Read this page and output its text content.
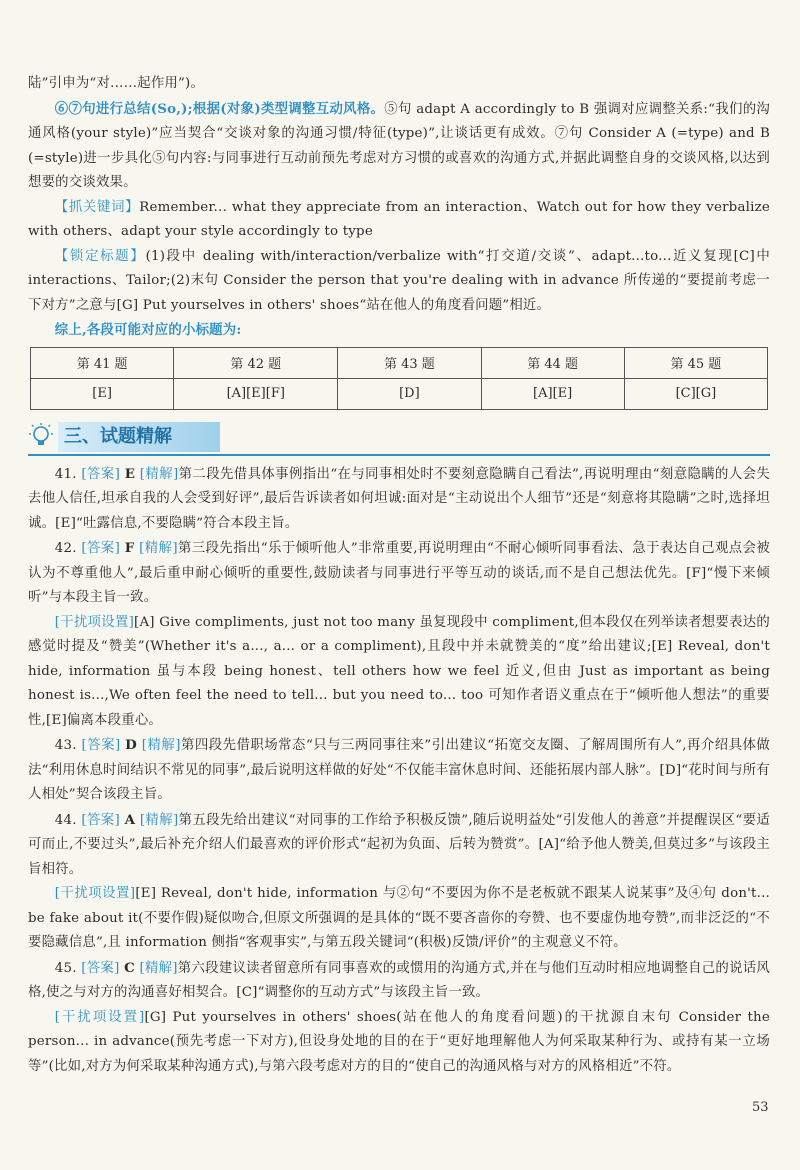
陆”引申为“对……起作用”)。

⑥⑦句进行总结(So,);根据(对象)类型调整互动风格。⑤句 adapt A accordingly to B 强调对应调整关系:“我们的沟通风格(your style)”应当契合“交谈对象的沟通习惯/特征(type)”,让谈话更有成效。⑦句 Consider A (=type) and B (=style)进一步具化⑤句内容:与同事进行互动前预先考虑对方习惯的或喜欢的沟通方式,并据此调整自身的交谈风格,以达到想要的交谈效果。

【抓关键词】Remember... what they appreciate from an interaction、Watch out for how they verbalize with others、adapt your style accordingly to type

【锁定标题】(1)段中 dealing with/interaction/verbalize with“打交道/交谈”、adapt...to...近义复现[C]中 interactions、Tailor;(2)末句 Consider the person that you're dealing with in advance 所传递的“要提前考虑一下对方”之意与[G] Put yourselves in others' shoes“站在他人的角度看问题”相近。

综上,各段可能对应的小标题为:

第 41 题	第 42 题	第 43 题	第 44 题	第 45 题
[E]	[A][E][F]	[D]	[A][E]	[C][G]
三、试题精解

41. [答案] E [精解]第二段先借具体事例指出“在与同事相处时不要刻意隐瞒自己看法”,再说明理由“刻意隐瞒的人会失去他人信任,坦承自我的人会受到好评”,最后告诉读者如何坦诚:面对是“主动说出个人细节”还是“刻意将其隐瞒”之时,选择坦诚。[E]“吐露信息,不要隐瞒”符合本段主旨。

42. [答案] F [精解]第三段先指出“乐于倾听他人”非常重要,再说明理由“不耐心倾听同事看法、急于表达自己观点会被认为不尊重他人”,最后重申耐心倾听的重要性,鼓励读者与同事进行平等互动的谈话,而不是自己想法优先。[F]“慢下来倾听”与本段主旨一致。

[干扰项设置][A] Give compliments, just not too many 虽复现段中 compliment,但本段仅在列举读者想要表达的感觉时提及“赞美”(Whether it's a..., a... or a compliment),且段中并未就赞美的“度”给出建议;[E] Reveal, don't hide, information 虽与本段 being honest、tell others how we feel 近义,但由 Just as important as being honest is...,We often feel the need to tell... but you need to... too 可知作者语义重点在于“倾听他人想法”的重要性,[E]偏离本段重心。

43. [答案] D [精解]第四段先借职场常态“只与三两同事往来”引出建议“拓宽交友圈、了解周围所有人”,再介绍具体做法“利用休息时间结识不常见的同事”,最后说明这样做的好处“不仅能丰富休息时间、还能拓展内部人脉”。[D]“花时间与所有人相处”契合该段主旨。

44. [答案] A [精解]第五段先给出建议“对同事的工作给予积极反馈”,随后说明益处“引发他人的善意”并提醒误区“要适可而止,不要过头”,最后补充介绍人们最喜欢的评价形式“起初为负面、后转为赞赏”。[A]“给予他人赞美,但莫过多”与该段主旨相符。

[干扰项设置][E] Reveal, don't hide, information 与②句“不要因为你不是老板就不跟某人说某事”及④句 don't... be fake about it(不要作假)疑似吻合,但原文所强调的是具体的“既不要吝啬你的夸赞、也不要虚伪地夸赞”,而非泛泛的“不要隐藏信息”,且 information 侧指“客观事实”,与第五段关键词“(积极)反馈/评价”的主观意义不符。

45. [答案] C [精解]第六段建议读者留意所有同事喜欢的或惯用的沟通方式,并在与他们互动时相应地调整自己的说话风格,使之与对方的沟通喜好相契合。[C]“调整你的互动方式”与该段主旨一致。

[干扰项设置][G] Put yourselves in others' shoes(站在他人的角度看问题)的干扰源自末句 Consider the person... in advance(预先考虑一下对方),但设身处地的目的在于“更好地理解他人为何采取某种行为、或持有某一立场等”(比如,对方为何采取某种沟通方式),与第六段考虑对方的目的“使自己的沟通风格与对方的风格相近”不符。

53
